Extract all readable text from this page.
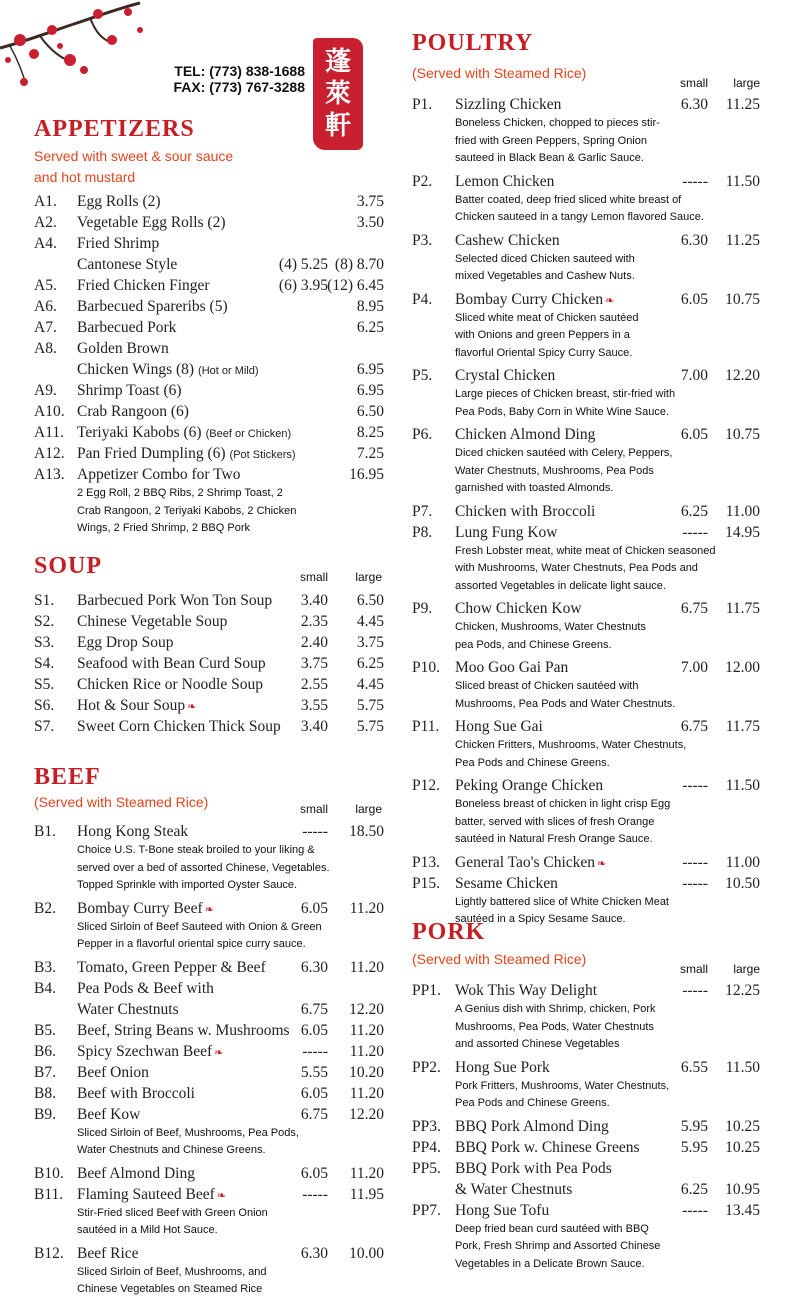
TEL: (773) 838-1688
FAX: (773) 767-3288
蓬
萊
軒
APPETIZERS
Served with sweet & sour sauce
and hot mustard
A1. Egg Rolls (2)	3.75
A2. Vegetable Egg Rolls (2)	3.50
A4. Fried Shrimp
Cantonese Style	(4) 5.25 (8) 8.70
A5. Fried Chicken Finger	(6) 3.95 (12) 6.45
A6. Barbecued Spareribs (5)	8.95
A7. Barbecued Pork	6.25
A8. Golden Brown
Chicken Wings (8) (Hot or Mild)	6.95
A9. Shrimp Toast (6)	6.95
A10. Crab Rangoon (6)	6.50
A11. Teriyaki Kabobs (6) (Beef or Chicken)	8.25
A12. Pan Fried Dumpling (6) (Pot Stickers)	7.25
A13. Appetizer Combo for Two	16.95
2 Egg Roll, 2 BBQ Ribs, 2 Shrimp Toast, 2
Crab Rangoon, 2 Teriyaki Kabobs, 2 Chicken
Wings, 2 Fried Shrimp, 2 BBQ Pork
SOUP	small large
S1. Barbecued Pork Won Ton Soup 3.40 6.50
S2. Chinese Vegetable Soup	2.35 4.45
S3. Egg Drop Soup	2.40 3.75
S4. Seafood with Bean Curd Soup 3.75 6.25
S5. Chicken Rice or Noodle Soup 2.55 4.45
S6. Hot & Sour Soup ❧	3.55 5.75
S7. Sweet Corn Chicken Thick Soup 3.40 5.75
BEEF
(Served with Steamed Rice)	small large
B1. Hong Kong Steak	----- 18.50
Choice U.S. T-Bone steak broiled to your liking &
served over a bed of assorted Chinese, Vegetables.
Topped Sprinkle with imported Oyster Sauce.
B2. Bombay Curry Beef ❧	6.05 11.20
Sliced Sirloin of Beef Sauteed with Onion & Green
Pepper in a flavorful oriental spice curry sauce.
B3. Tomato, Green Pepper & Beef 6.30 11.20
B4. Pea Pods & Beef with
Water Chestnuts	6.75 12.20
B5. Beef, String Beans w. Mushrooms 6.05 11.20
B6. Spicy Szechwan Beef ❧	----- 11.20
B7. Beef Onion	5.55 10.20
B8. Beef with Broccoli	6.05 11.20
B9. Beef Kow	6.75 12.20
Sliced Sirloin of Beef, Mushrooms, Pea Pods,
Water Chestnuts and Chinese Greens.
B10. Beef Almond Ding	6.05 11.20
B11. Flaming Sauteed Beef ❧	----- 11.95
Stir-Fried sliced Beef with Green Onion
sautéed in a Mild Hot Sauce.
B12. Beef Rice	6.30 10.00
Sliced Sirloin of Beef, Mushrooms, and
Chinese Vegetables on Steamed Rice
POULTRY
(Served with Steamed Rice)
small large
P1. Sizzling Chicken	6.30 11.25
Boneless Chicken, chopped to pieces stir-
fried with Green Peppers, Spring Onion
sauteed in Black Bean & Garlic Sauce.
P2. Lemon Chicken	----- 11.50
Batter coated, deep fried sliced white breast of
Chicken sauteed in a tangy Lemon flavored Sauce.
P3. Cashew Chicken	6.30 11.25
Selected diced Chicken sauteed with
mixed Vegetables and Cashew Nuts.
P4. Bombay Curry Chicken ❧	6.05 10.75
Sliced white meat of Chicken sautéed
with Onions and green Peppers in a
flavorful Oriental Spicy Curry Sauce.
P5. Crystal Chicken	7.00 12.20
Large pieces of Chicken breast, stir-fried with
Pea Pods, Baby Corn in White Wine Sauce.
P6. Chicken Almond Ding	6.05 10.75
Diced chicken sautéed with Celery, Peppers,
Water Chestnuts, Mushrooms, Pea Pods
garnished with toasted Almonds.
P7. Chicken with Broccoli	6.25 11.00
P8. Lung Fung Kow	----- 14.95
Fresh Lobster meat, white meat of Chicken seasoned
with Mushrooms, Water Chestnuts, Pea Pods and
assorted Vegetables in delicate light sauce.
P9. Chow Chicken Kow	6.75 11.75
Chicken, Mushrooms, Water Chestnuts
pea Pods, and Chinese Greens.
P10. Moo Goo Gai Pan	7.00 12.00
Sliced breast of Chicken sautéed with
Mushrooms, Pea Pods and Water Chestnuts.
P11. Hong Sue Gai	6.75 11.75
Chicken Fritters, Mushrooms, Water Chestnuts,
Pea Pods and Chinese Greens.
P12. Peking Orange Chicken	----- 11.50
Boneless breast of chicken in light crisp Egg
batter, served with slices of fresh Orange
sautéed in Natural Fresh Orange Sauce.
P13. General Tao's Chicken ❧	----- 11.00
P15. Sesame Chicken	----- 10.50
Lightly battered slice of White Chicken Meat
sautéed in a Spicy Sesame Sauce.
PORK
(Served with Steamed Rice)
small large
PP1. Wok This Way Delight	----- 12.25
A Genius dish with Shrimp, chicken, Pork
Mushrooms, Pea Pods, Water Chestnuts
and assorted Chinese Vegetables
PP2. Hong Sue Pork	6.55 11.50
Pork Fritters, Mushrooms, Water Chestnuts,
Pea Pods and Chinese Greens.
PP3. BBQ Pork Almond Ding	5.95 10.25
PP4. BBQ Pork w. Chinese Greens	5.95 10.25
PP5. BBQ Pork with Pea Pods
& Water Chestnuts	6.25 10.95
PP7. Hong Sue Tofu	----- 13.45
Deep fried bean curd sautéed with BBQ
Pork, Fresh Shrimp and Assorted Chinese
Vegetables in a Delicate Brown Sauce.
